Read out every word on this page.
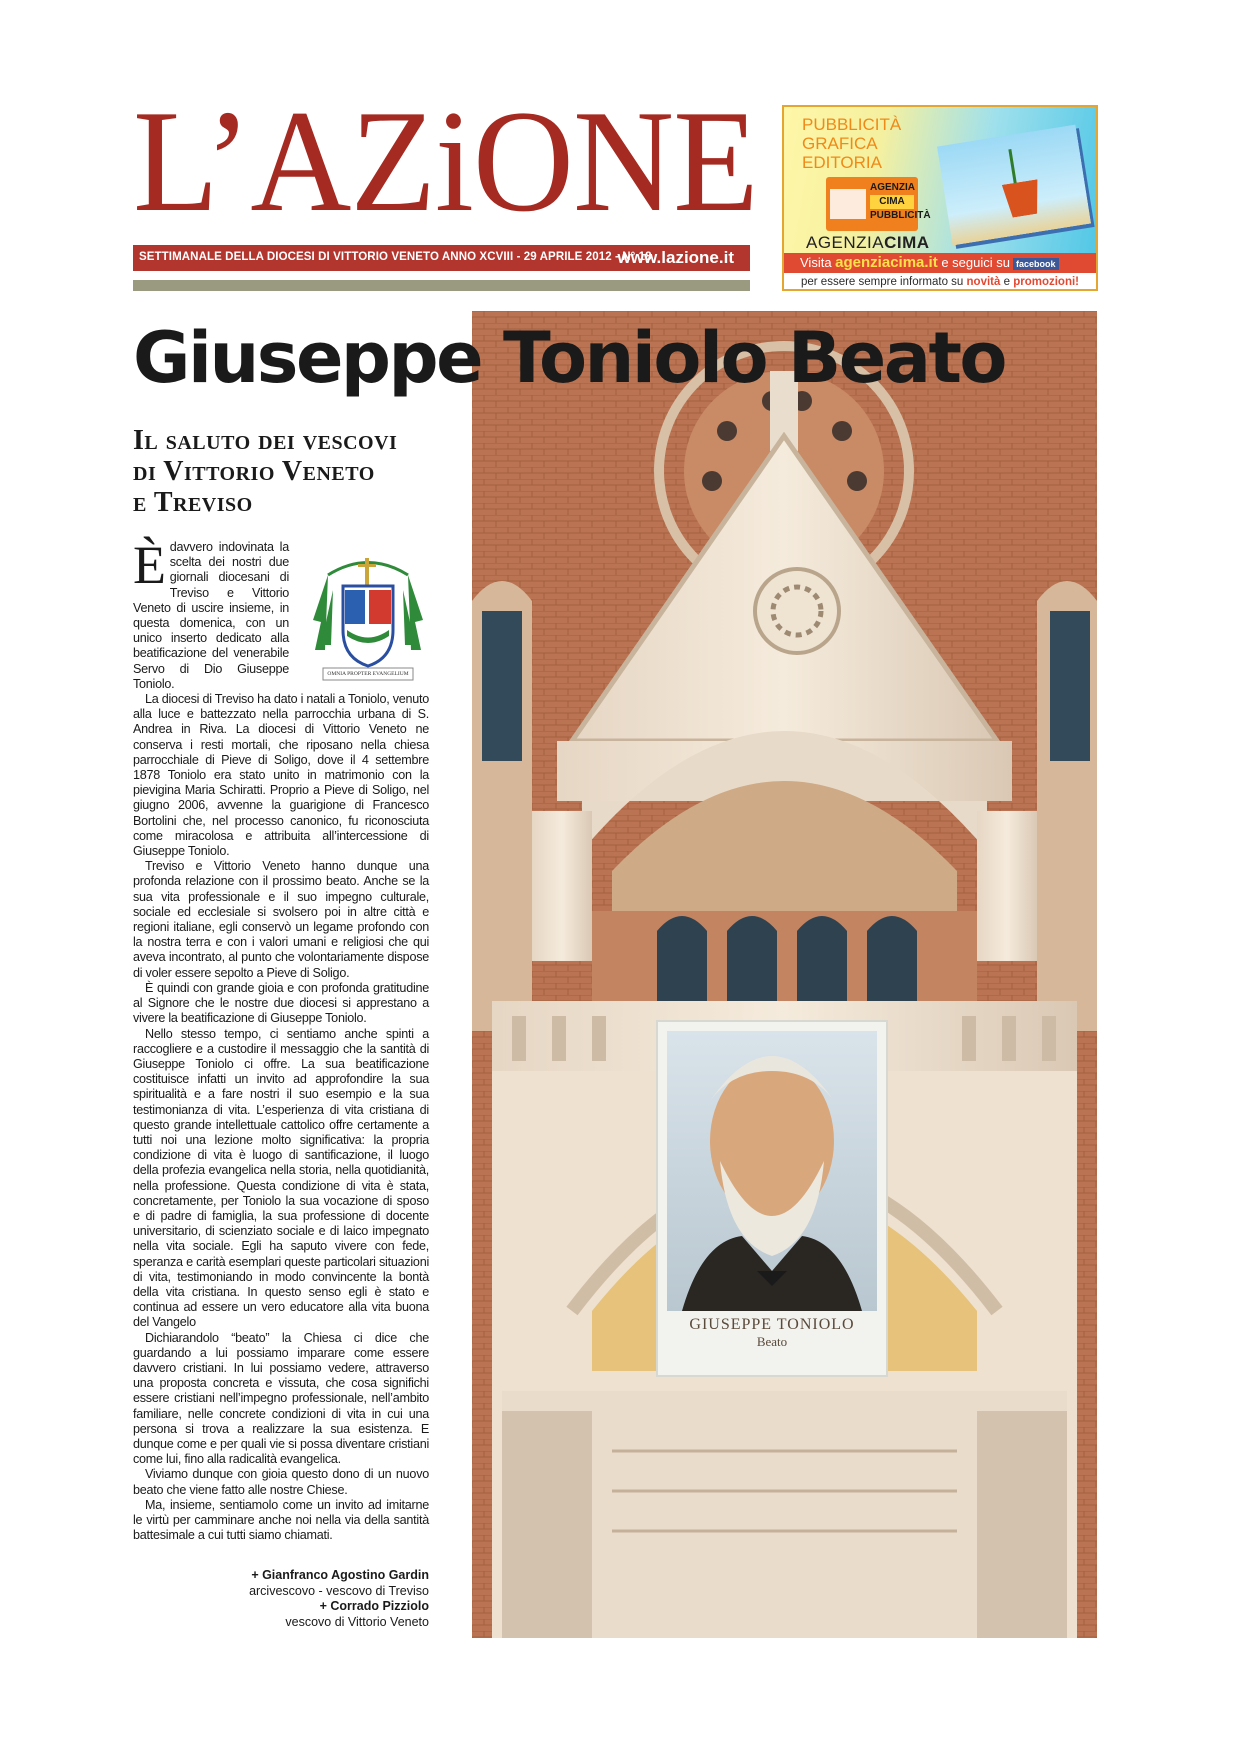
L’AZiONE
SETTIMANALE DELLA DIOCESI DI VITTORIO VENETO ANNO XCVIII - 29 APRILE 2012 - N° 18
www.lazione.it
PUBBLICITÀ
GRAFICA
EDITORIA
AGENZIA
CIMA
PUBBLICITÀ
AGENZIACIMA
Visita agenziacima.it e seguici su facebook
per essere sempre informato su novità e promozioni!
GIUSEPPE TONIOLO
Beato
Giuseppe Toniolo Beato
Il saluto dei vescovi
di Vittorio Veneto
e Treviso
OMNIA PROPTER EVANGELIUM

È davvero indovinata la scelta dei nostri due giornali diocesani di Treviso e Vittorio Veneto di uscire insieme, in questa domenica, con un unico inserto dedicato alla beatificazione del venerabile Servo di Dio Giuseppe Toniolo.

La diocesi di Treviso ha dato i natali a Toniolo, venuto alla luce e battezzato nella parrocchia urbana di S. Andrea in Riva. La diocesi di Vittorio Veneto ne conserva i resti mortali, che riposano nella chiesa parrocchiale di Pieve di Soligo, dove il 4 settembre 1878 Toniolo era stato unito in matrimonio con la pievigina Maria Schiratti. Proprio a Pieve di Soligo, nel giugno 2006, avvenne la guarigione di Francesco Bortolini che, nel processo canonico, fu riconosciuta come miracolosa e attribuita all’intercessione di Giuseppe Toniolo.

Treviso e Vittorio Veneto hanno dunque una profonda relazione con il prossimo beato. Anche se la sua vita professionale e il suo impegno culturale, sociale ed ecclesiale si svolsero poi in altre città e regioni italiane, egli conservò un legame profondo con la nostra terra e con i valori umani e religiosi che qui aveva incontrato, al punto che volontariamente dispose di voler essere sepolto a Pieve di Soligo.

È quindi con grande gioia e con profonda gratitudine al Signore che le nostre due diocesi si apprestano a vivere la beatificazione di Giuseppe Toniolo.

Nello stesso tempo, ci sentiamo anche spinti a raccogliere e a custodire il messaggio che la santità di Giuseppe Toniolo ci offre. La sua beatificazione costituisce infatti un invito ad approfondire la sua spiritualità e a fare nostri il suo esempio e la sua testimonianza di vita. L’esperienza di vita cristiana di questo grande intellettuale cattolico offre certamente a tutti noi una lezione molto significativa: la propria condizione di vita è luogo di santificazione, il luogo della profezia evangelica nella storia, nella quotidianità, nella professione. Questa condizione di vita è stata, concretamente, per Toniolo la sua vocazione di sposo e di padre di famiglia, la sua professione di docente universitario, di scienziato sociale e di laico impegnato nella vita sociale. Egli ha saputo vivere con fede, speranza e carità esemplari queste particolari situazioni di vita, testimoniando in modo convincente la bontà della vita cristiana. In questo senso egli è stato e continua ad essere un vero educatore alla vita buona del Vangelo

Dichiarandolo “beato” la Chiesa ci dice che guardando a lui possiamo imparare come essere davvero cristiani. In lui possiamo vedere, attraverso una proposta concreta e vissuta, che cosa significhi essere cristiani nell’impegno professionale, nell’ambito familiare, nelle concrete condizioni di vita in cui una persona si trova a realizzare la sua esistenza. E dunque come e per quali vie si possa diventare cristiani come lui, fino alla radicalità evangelica.

Viviamo dunque con gioia questo dono di un nuovo beato che viene fatto alle nostre Chiese.

Ma, insieme, sentiamolo come un invito ad imitarne le virtù per camminare anche noi nella via della santità battesimale a cui tutti siamo chiamati.

+ Gianfranco Agostino Gardin
arcivescovo - vescovo di Treviso
+ Corrado Pizziolo
vescovo di Vittorio Veneto
